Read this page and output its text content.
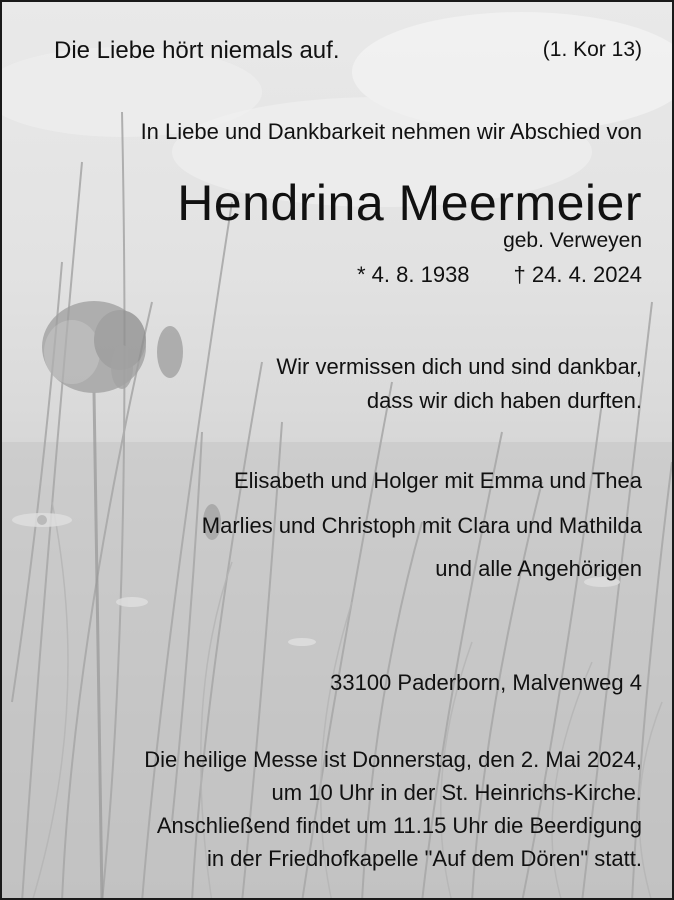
Die Liebe hört niemals auf.	(1. Kor 13)
In Liebe und Dankbarkeit nehmen wir Abschied von
Hendrina Meermeier
geb. Verweyen
* 4. 8. 1938 † 24. 4. 2024
Wir vermissen dich und sind dankbar,
dass wir dich haben durften.
Elisabeth und Holger mit Emma und Thea
Marlies und Christoph mit Clara und Mathilda
und alle Angehörigen
33100 Paderborn, Malvenweg 4
Die heilige Messe ist Donnerstag, den 2. Mai 2024,
um 10 Uhr in der St. Heinrichs-Kirche.
Anschließend findet um 11.15 Uhr die Beerdigung
in der Friedhofkapelle "Auf dem Dören" statt.
